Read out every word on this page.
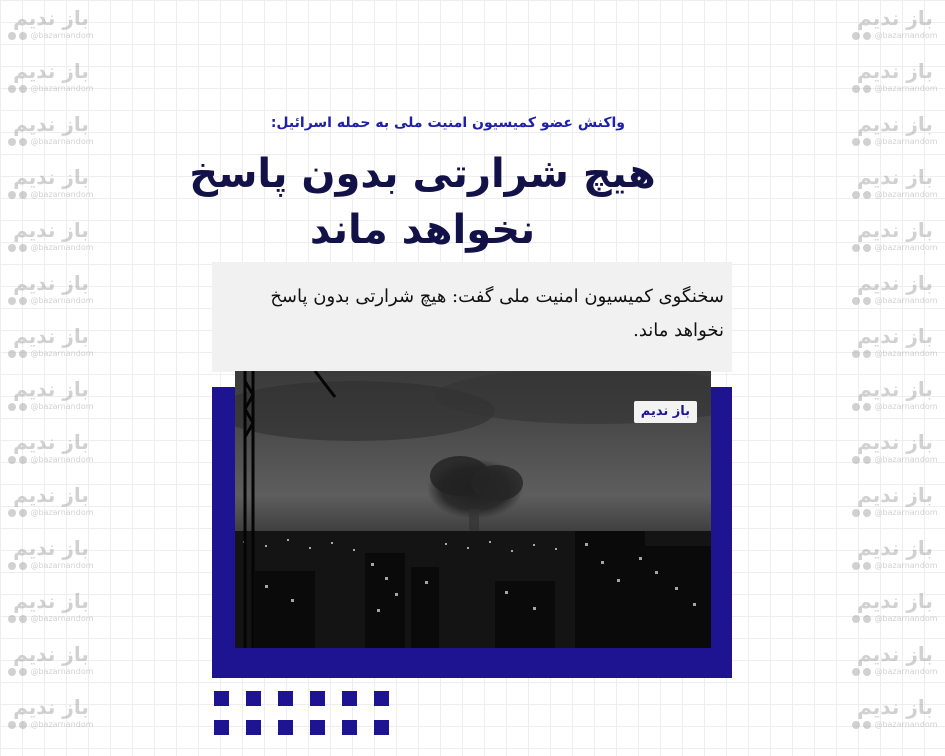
باز ندیم
@bazarnandom
باز ندیم
@bazarnandom
باز ندیم
@bazarnandom
باز ندیم
@bazarnandom
باز ندیم
@bazarnandom
باز ندیم
@bazarnandom
باز ندیم
@bazarnandom
باز ندیم
@bazarnandom
باز ندیم
@bazarnandom
باز ندیم
@bazarnandom
باز ندیم
@bazarnandom
باز ندیم
@bazarnandom
باز ندیم
@bazarnandom
باز ندیم
@bazarnandom
باز ندیم
@bazarnandom
باز ندیم
@bazarnandom
باز ندیم
@bazarnandom
باز ندیم
@bazarnandom
باز ندیم
@bazarnandom
باز ندیم
@bazarnandom
باز ندیم
@bazarnandom
باز ندیم
@bazarnandom
باز ندیم
@bazarnandom
باز ندیم
@bazarnandom
باز ندیم
@bazarnandom
باز ندیم
@bazarnandom
باز ندیم
@bazarnandom
باز ندیم
@bazarnandom
واکنش عضو کمیسیون امنیت ملی به حمله اسرائیل:
هیچ شرارتی بدون پاسخ
نخواهد ماند
سخنگوی کمیسیون امنیت ملی گفت: هیچ شرارتی بدون پاسخ نخواهد ماند.
باز ندیم
